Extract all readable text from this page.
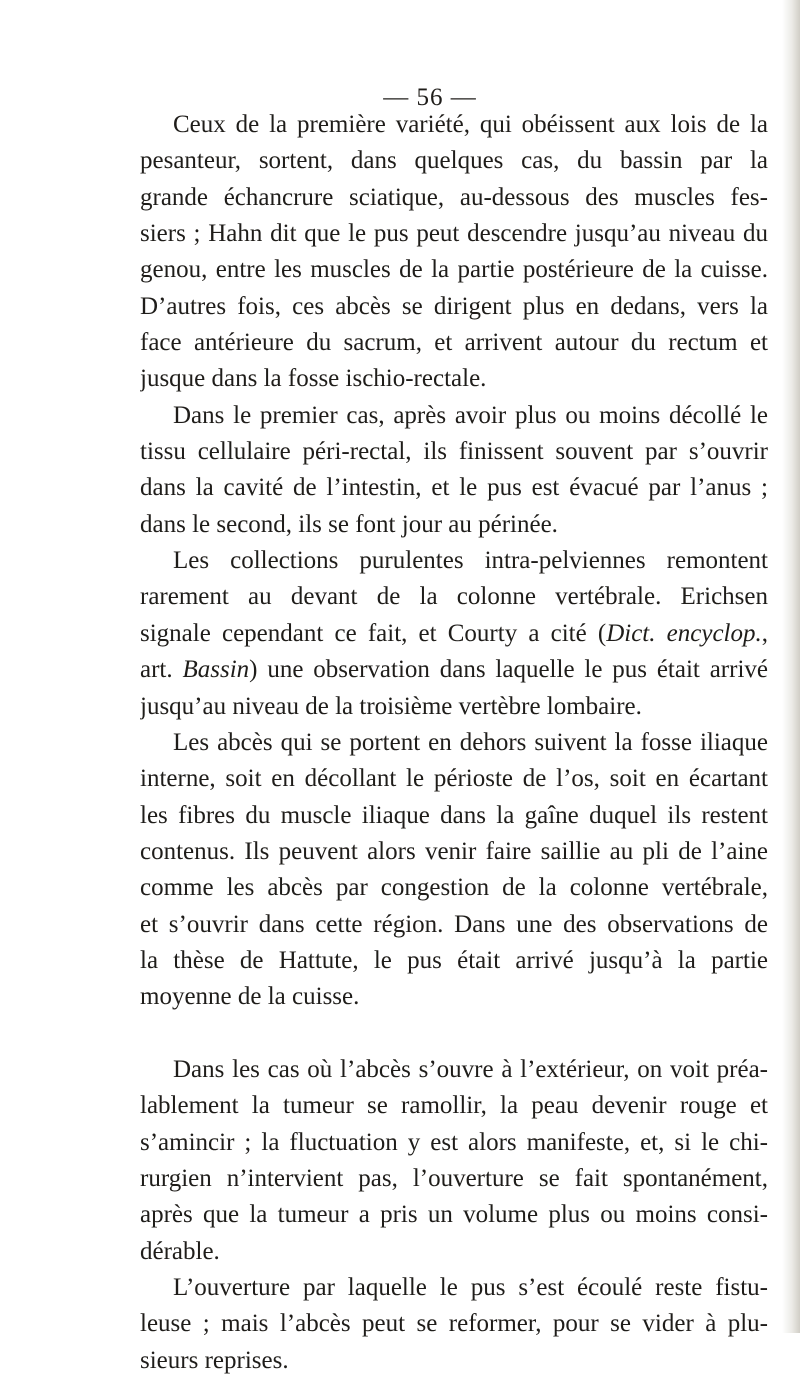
— 56 —
Ceux de la première variété, qui obéissent aux lois de la
pesanteur, sortent, dans quelques cas, du bassin par la
grande échancrure sciatique, au-dessous des muscles fes-
siers ; Hahn dit que le pus peut descendre jusqu’au niveau du
genou, entre les muscles de la partie postérieure de la cuisse.
D’autres fois, ces abcès se dirigent plus en dedans, vers la
face antérieure du sacrum, et arrivent autour du rectum et
jusque dans la fosse ischio-rectale.
Dans le premier cas, après avoir plus ou moins décollé le
tissu cellulaire péri-rectal, ils finissent souvent par s’ouvrir
dans la cavité de l’intestin, et le pus est évacué par l’anus ;
dans le second, ils se font jour au périnée.
Les collections purulentes intra-pelviennes remontent
rarement au devant de la colonne vertébrale. Erichsen
signale cependant ce fait, et Courty a cité (Dict. encyclop.,
art. Bassin) une observation dans laquelle le pus était arrivé
jusqu’au niveau de la troisième vertèbre lombaire.
Les abcès qui se portent en dehors suivent la fosse iliaque
interne, soit en décollant le périoste de l’os, soit en écartant
les fibres du muscle iliaque dans la gaîne duquel ils restent
contenus. Ils peuvent alors venir faire saillie au pli de l’aine
comme les abcès par congestion de la colonne vertébrale,
et s’ouvrir dans cette région. Dans une des observations de
la thèse de Hattute, le pus était arrivé jusqu’à la partie
moyenne de la cuisse.
Dans les cas où l’abcès s’ouvre à l’extérieur, on voit préa-
lablement la tumeur se ramollir, la peau devenir rouge et
s’amincir ; la fluctuation y est alors manifeste, et, si le chi-
rurgien n’intervient pas, l’ouverture se fait spontanément,
après que la tumeur a pris un volume plus ou moins consi-
dérable.
L’ouverture par laquelle le pus s’est écoulé reste fistu-
leuse ; mais l’abcès peut se reformer, pour se vider à plu-
sieurs reprises.
